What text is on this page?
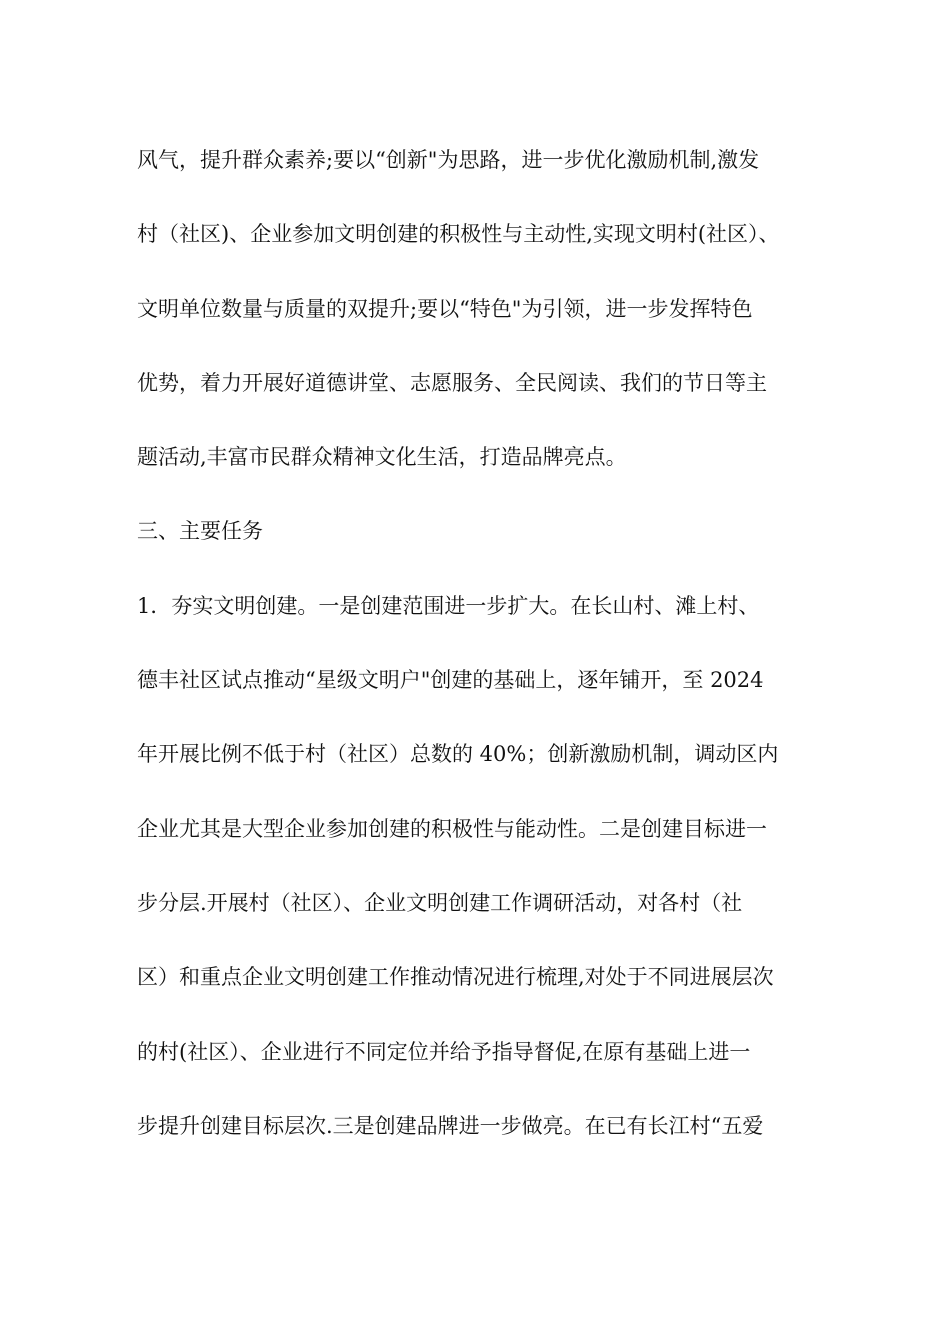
风气，提升群众素养;要以“创新"为思路，进一步优化激励机制,激发
村（社区)、企业参加文明创建的积极性与主动性,实现文明村(社区）、
文明单位数量与质量的双提升;要以“特色"为引领，进一步发挥特色
优势，着力开展好道德讲堂、志愿服务、全民阅读、我们的节日等主
题活动,丰富市民群众精神文化生活，打造品牌亮点。
三、主要任务
1．夯实文明创建。一是创建范围进一步扩大。在长山村、滩上村、
德丰社区试点推动“星级文明户"创建的基础上，逐年铺开，至 2024
年开展比例不低于村（社区）总数的 40%；创新激励机制，调动区内
企业尤其是大型企业参加创建的积极性与能动性。二是创建目标进一
步分层.开展村（社区）、企业文明创建工作调研活动，对各村（社
区）和重点企业文明创建工作推动情况进行梳理,对处于不同进展层次
的村(社区）、企业进行不同定位并给予指导督促,在原有基础上进一
步提升创建目标层次.三是创建品牌进一步做亮。在已有长江村“五爱
